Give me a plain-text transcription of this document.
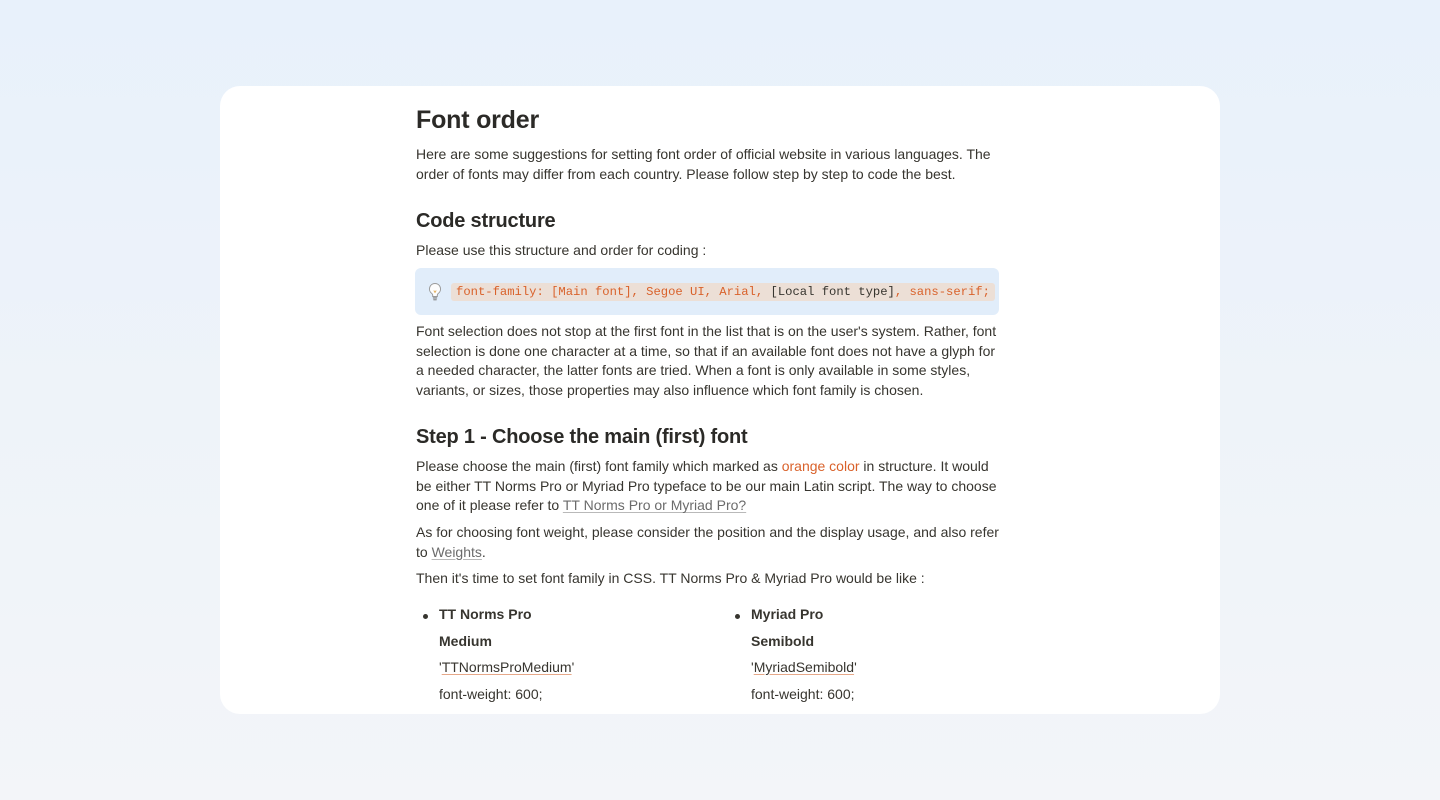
Font order

Here are some suggestions for setting font order of official website in various languages. The order of fonts may differ from each country. Please follow step by step to code the best.

Code structure

Please use this structure and order for coding :

font-family: [Main font], Segoe UI, Arial, [Local font type], sans-serif;

Font selection does not stop at the first font in the list that is on the user's system. Rather, font selection is done one character at a time, so that if an available font does not have a glyph for a needed character, the latter fonts are tried. When a font is only available in some styles, variants, or sizes, those properties may also influence which font family is chosen.

Step 1 - Choose the main (first) font

Please choose the main (first) font family which marked as orange color in structure. It would be either TT Norms Pro or Myriad Pro typeface to be our main Latin script. The way to choose one of it please refer to TT Norms Pro or Myriad Pro?

As for choosing font weight, please consider the position and the display usage, and also refer to Weights.

Then it's time to set font family in CSS. TT Norms Pro & Myriad Pro would be like :

TT Norms Pro
Medium
'TTNormsProMedium'
font-weight: 600;
Myriad Pro
Semibold
'MyriadSemibold'
font-weight: 600;
